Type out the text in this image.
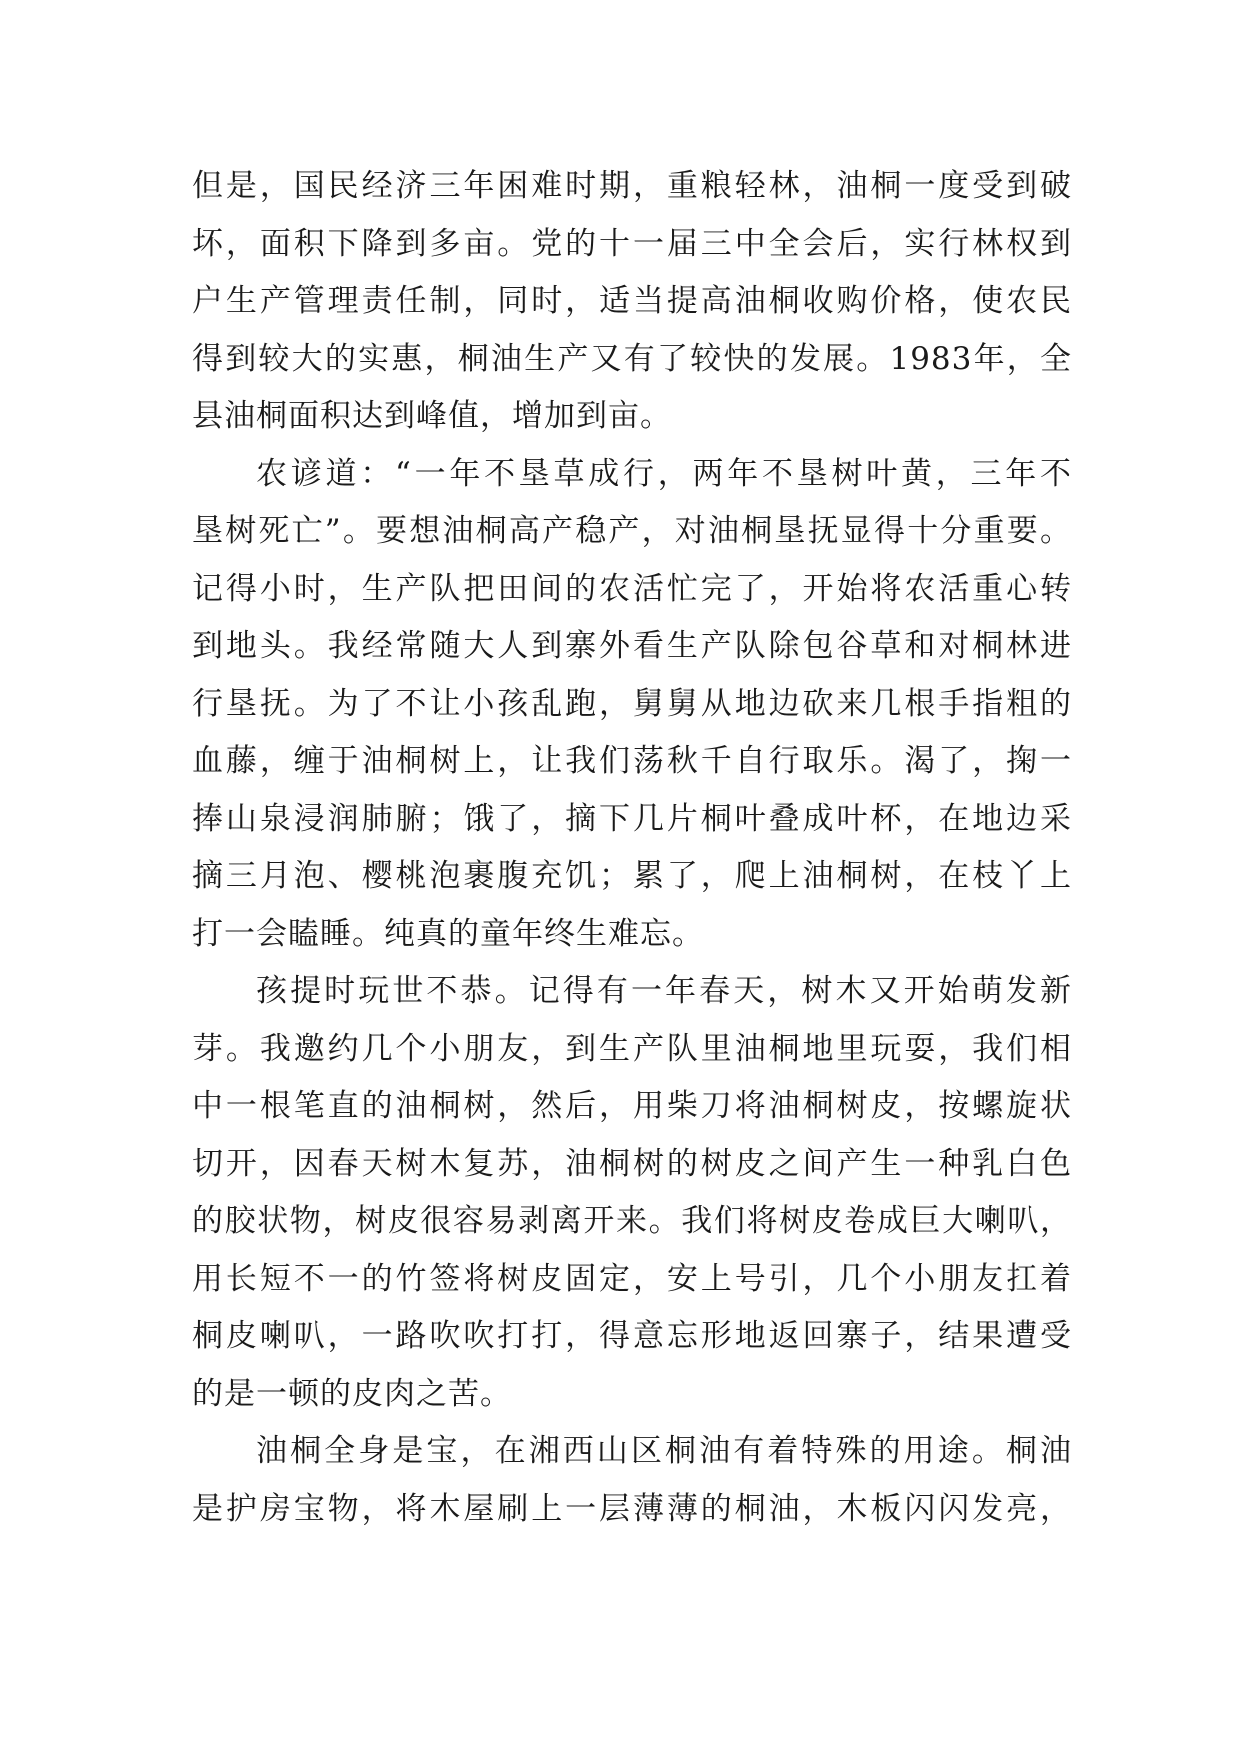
但是，国民经济三年困难时期，重粮轻林，油桐一度受到破
坏，面积下降到多亩。党的十一届三中全会后，实行林权到
户生产管理责任制，同时，适当提高油桐收购价格，使农民
得到较大的实惠，桐油生产又有了较快的发展。1983年，全
县油桐面积达到峰值，增加到亩。
农谚道：“一年不垦草成行，两年不垦树叶黄，三年不
垦树死亡”。要想油桐高产稳产，对油桐垦抚显得十分重要。
记得小时，生产队把田间的农活忙完了，开始将农活重心转
到地头。我经常随大人到寨外看生产队除包谷草和对桐林进
行垦抚。为了不让小孩乱跑，舅舅从地边砍来几根手指粗的
血藤，缠于油桐树上，让我们荡秋千自行取乐。渴了，掬一
捧山泉浸润肺腑；饿了，摘下几片桐叶叠成叶杯，在地边采
摘三月泡、樱桃泡裹腹充饥；累了，爬上油桐树，在枝丫上
打一会瞌睡。纯真的童年终生难忘。
孩提时玩世不恭。记得有一年春天，树木又开始萌发新
芽。我邀约几个小朋友，到生产队里油桐地里玩耍，我们相
中一根笔直的油桐树，然后，用柴刀将油桐树皮，按螺旋状
切开，因春天树木复苏，油桐树的树皮之间产生一种乳白色
的胶状物，树皮很容易剥离开来。我们将树皮卷成巨大喇叭，
用长短不一的竹签将树皮固定，安上号引，几个小朋友扛着
桐皮喇叭，一路吹吹打打，得意忘形地返回寨子，结果遭受
的是一顿的皮肉之苦。
油桐全身是宝，在湘西山区桐油有着特殊的用途。桐油
是护房宝物，将木屋刷上一层薄薄的桐油，木板闪闪发亮，
